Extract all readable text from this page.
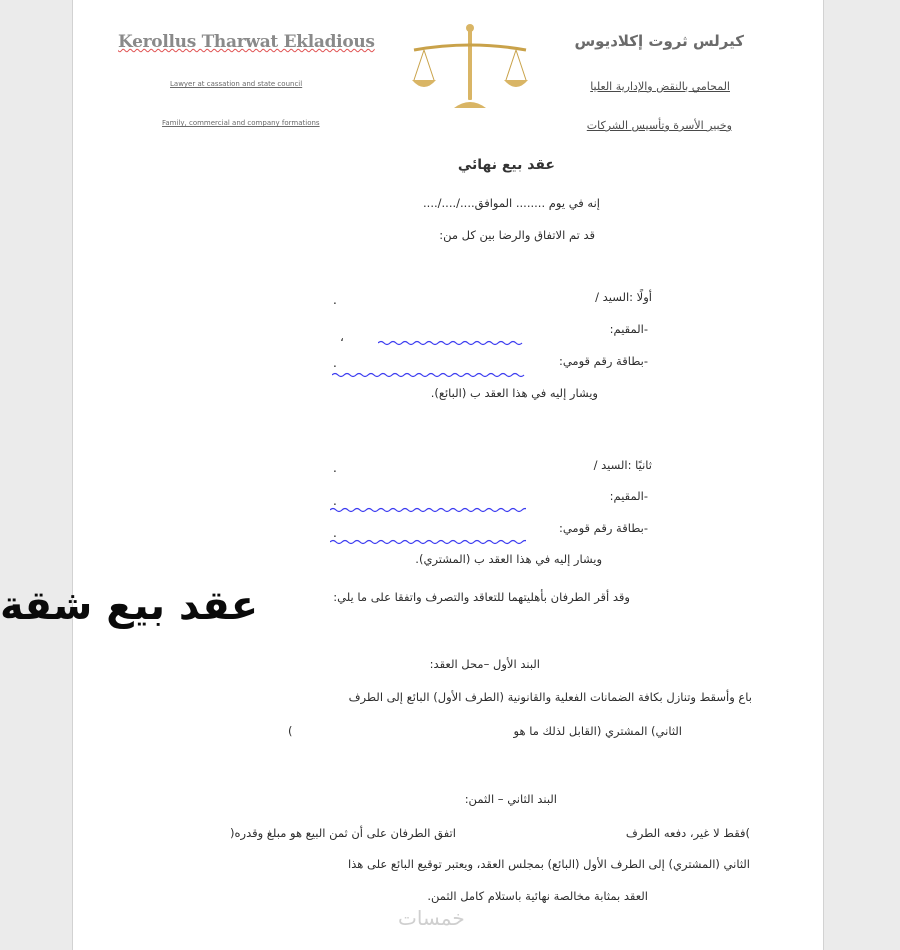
Kerollus Tharwat Ekladious
Lawyer at cassation and state council
Family, commercial and company formations
كيرلس ثروت إكلاديوس
المحامي بالنقض والإدارية العليا
وخبير الأسرة وتأسيس الشركات
عقد بيع نهائي
إنه في يوم ........ الموافق..../..../....
قد تم الاتفاق والرضا بين كل من:
أولًا :السيد /
.
-المقيم:
،
-بطاقة رقم قومي:
.
ويشار إليه في هذا العقد ب (البائع).
ثانيًا :السيد /
.
-المقيم:
.
-بطاقة رقم قومي:
.
ويشار إليه في هذا العقد ب (المشتري).
وقد أقر الطرفان بأهليتهما للتعاقد والتصرف واتفقا على ما يلي:
عقد بيع شقة
البند الأول –محل العقد:
باع وأسقط وتنازل بكافة الضمانات الفعلية والقانونية (الطرف الأول) البائع إلى الطرف
الثاني) المشتري (القابل لذلك ما هو
)
البند الثاني – الثمن:
)فقط لا غير، دفعه الطرف
اتفق الطرفان على أن ثمن البيع هو مبلغ وقدره(
الثاني (المشتري) إلى الطرف الأول (البائع) بمجلس العقد، ويعتبر توقيع البائع على هذا
العقد بمثابة مخالصة نهائية باستلام كامل الثمن.
خمسات
